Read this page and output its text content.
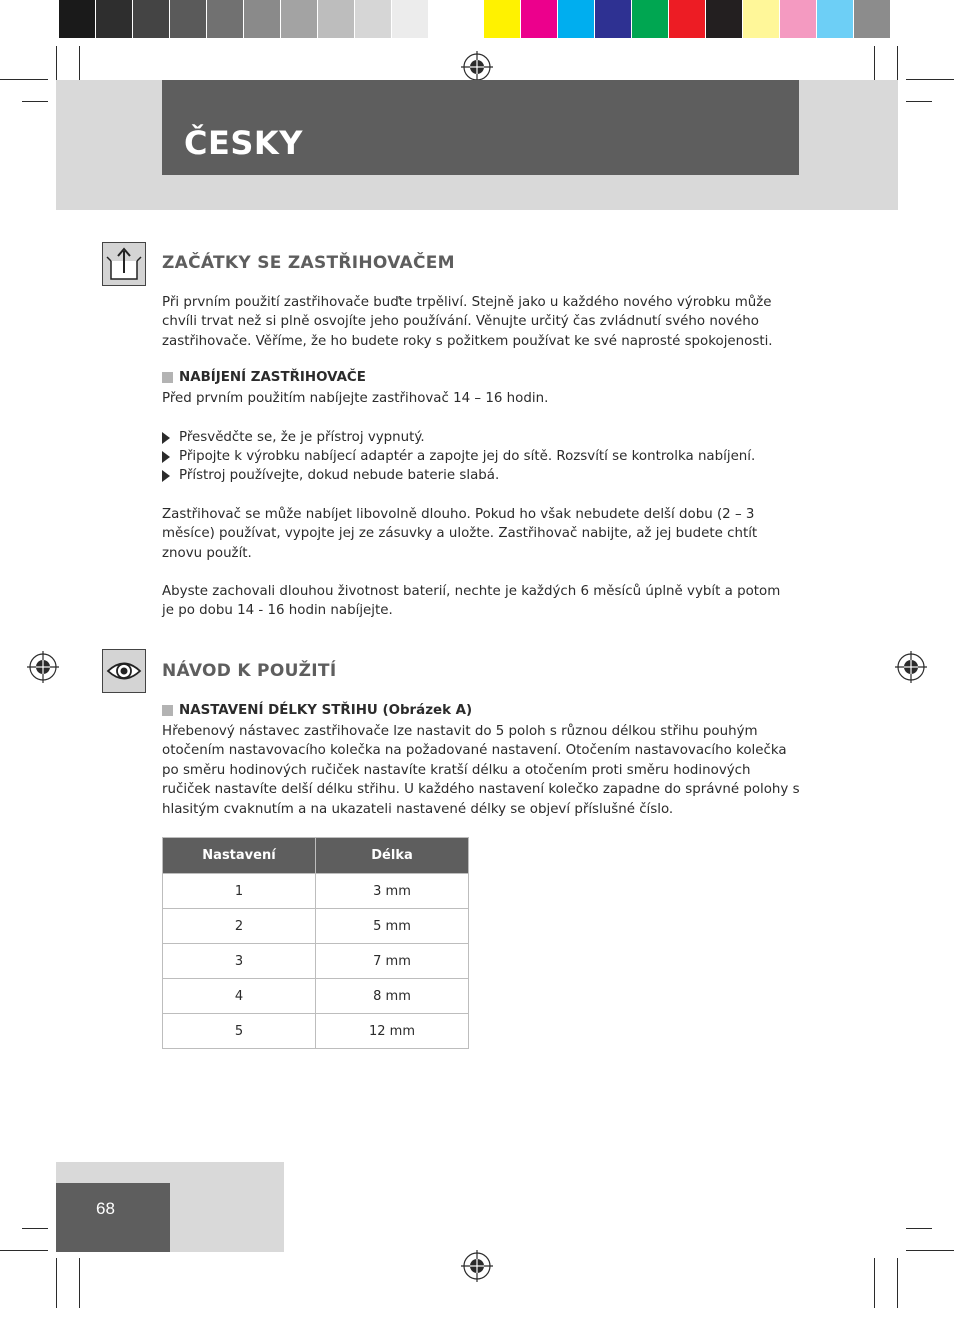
ČESKY
ZAČÁTKY SE ZASTŘIHOVAČEM

Při prvním použití zastřihovače buďte trpěliví. Stejně jako u každého nového výrobku může chvíli trvat než si plně osvojíte jeho používání. Věnujte určitý čas zvládnutí svého nového zastřihovače. Věříme, že ho budete roky s požitkem používat ke své naprosté spokojenosti.

NABÍJENÍ ZASTŘIHOVAČE

Před prvním použitím nabíjejte zastřihovač 14 – 16 hodin.

Přesvědčte se, že je přístroj vypnutý.
Připojte k výrobku nabíjecí adaptér a zapojte jej do sítě. Rozsvítí se kontrolka nabíjení.
Přístroj používejte, dokud nebude baterie slabá.

Zastřihovač se může nabíjet libovolně dlouho. Pokud ho však nebudete delší dobu (2 – 3 měsíce) používat, vypojte jej ze zásuvky a uložte. Zastřihovač nabijte, až jej budete chtít znovu použít.

Abyste zachovali dlouhou životnost baterií, nechte je každých 6 měsíců úplně vybít a potom je po dobu 14 - 16 hodin nabíjejte.

NÁVOD K POUŽITÍ
NASTAVENÍ DÉLKY STŘIHU (Obrázek A)

Hřebenový nástavec zastřihovače lze nastavit do 5 poloh s různou délkou střihu pouhým otočením nastavovacího kolečka na požadované nastavení. Otočením nastavovacího kolečka po směru hodinových ručiček nastavíte kratší délku a otočením proti směru hodinových ručiček nastavíte delší délku střihu. U každého nastavení kolečko zapadne do správné polohy s hlasitým cvaknutím a na ukazateli nastavené délky se objeví příslušné číslo.

Nastavení	Délka
1	3 mm
2	5 mm
3	7 mm
4	8 mm
5	12 mm
68
